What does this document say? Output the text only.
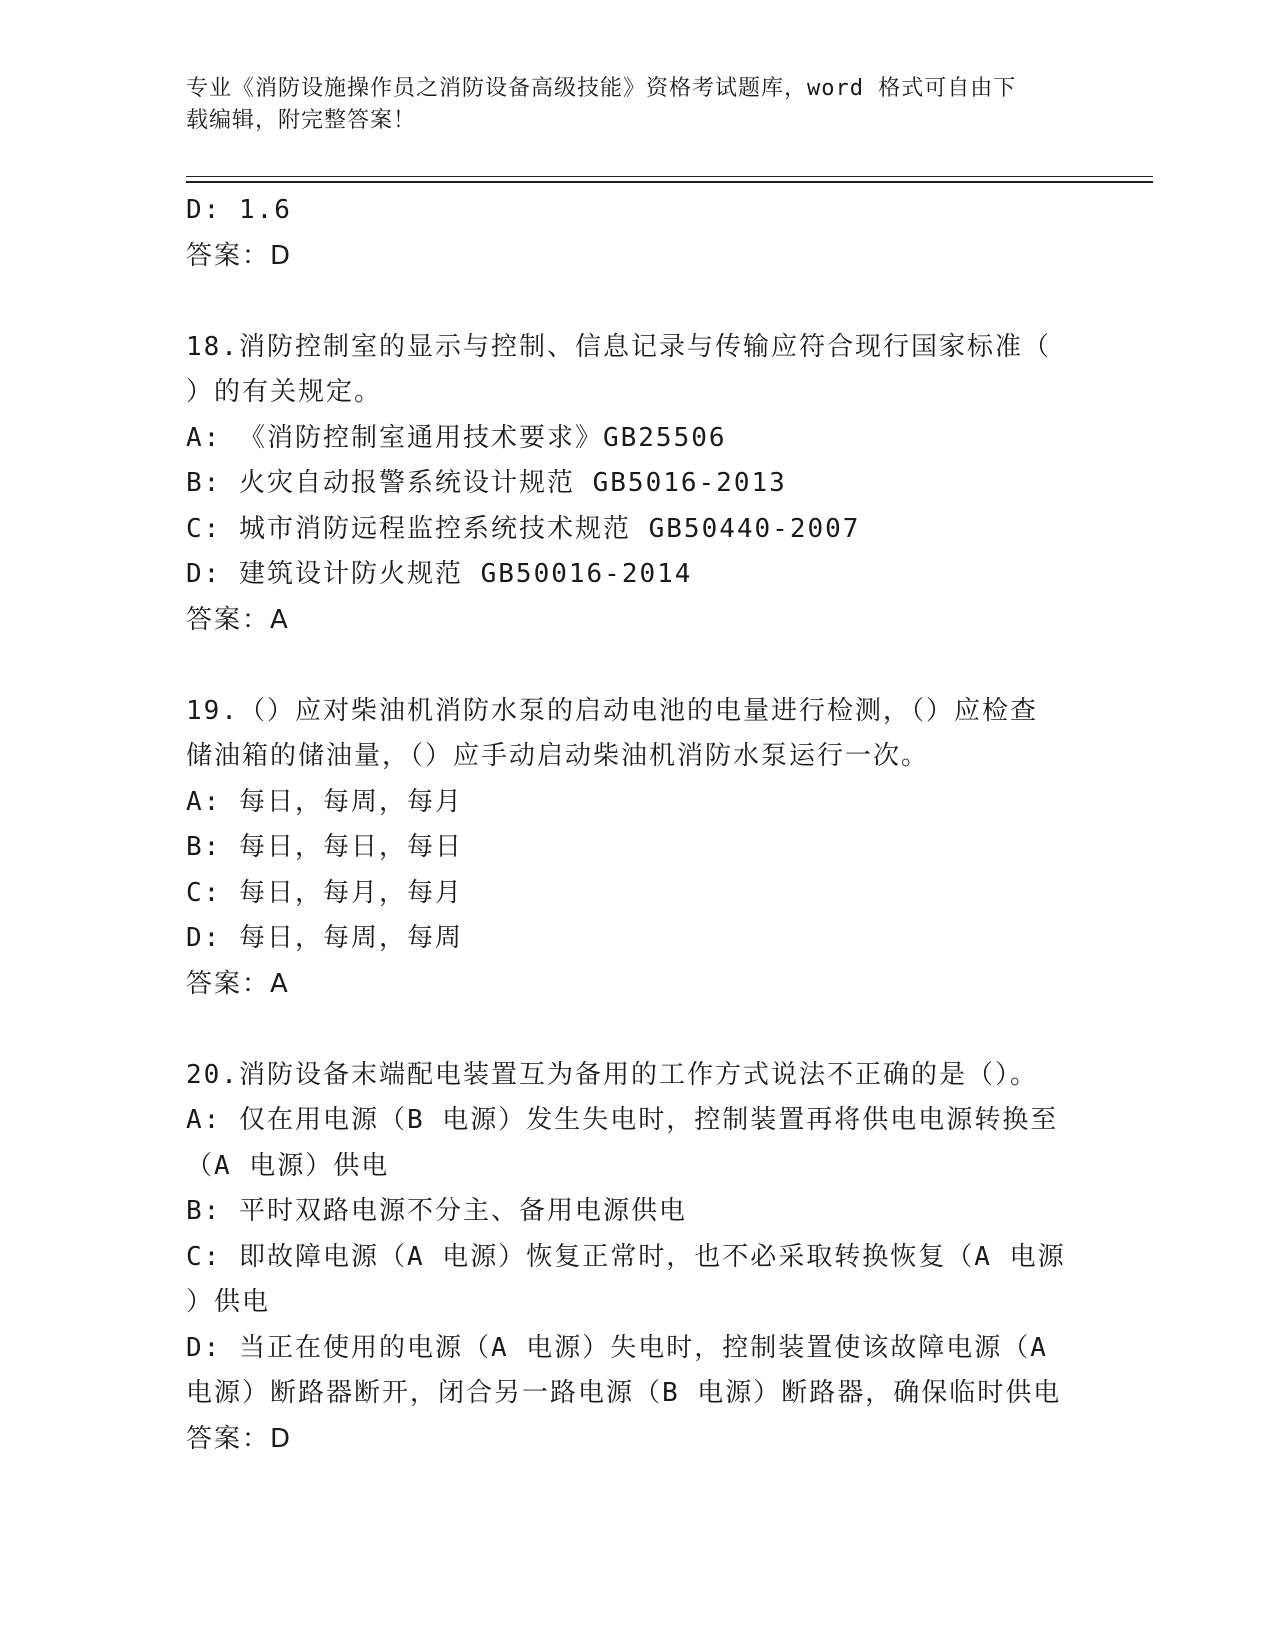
专业《消防设施操作员之消防设备高级技能》资格考试题库，word 格式可自由下
载编辑，附完整答案！
D: 1.6
答案：D
18.消防控制室的显示与控制、信息记录与传输应符合现行国家标准（
）的有关规定。
A: 《消防控制室通用技术要求》GB25506
B: 火灾自动报警系统设计规范 GB5016-2013
C: 城市消防远程监控系统技术规范 GB50440-2007
D: 建筑设计防火规范 GB50016-2014
答案：A
19.（）应对柴油机消防水泵的启动电池的电量进行检测，（）应检查
储油箱的储油量，（）应手动启动柴油机消防水泵运行一次。
A: 每日，每周，每月
B: 每日，每日，每日
C: 每日，每月，每月
D: 每日，每周，每周
答案：A
20.消防设备末端配电装置互为备用的工作方式说法不正确的是（）。
A: 仅在用电源（B 电源）发生失电时，控制装置再将供电电源转换至
（A 电源）供电
B: 平时双路电源不分主、备用电源供电
C: 即故障电源（A 电源）恢复正常时，也不必采取转换恢复（A 电源
）供电
D: 当正在使用的电源（A 电源）失电时，控制装置使该故障电源（A
电源）断路器断开，闭合另一路电源（B 电源）断路器，确保临时供电
答案：D
